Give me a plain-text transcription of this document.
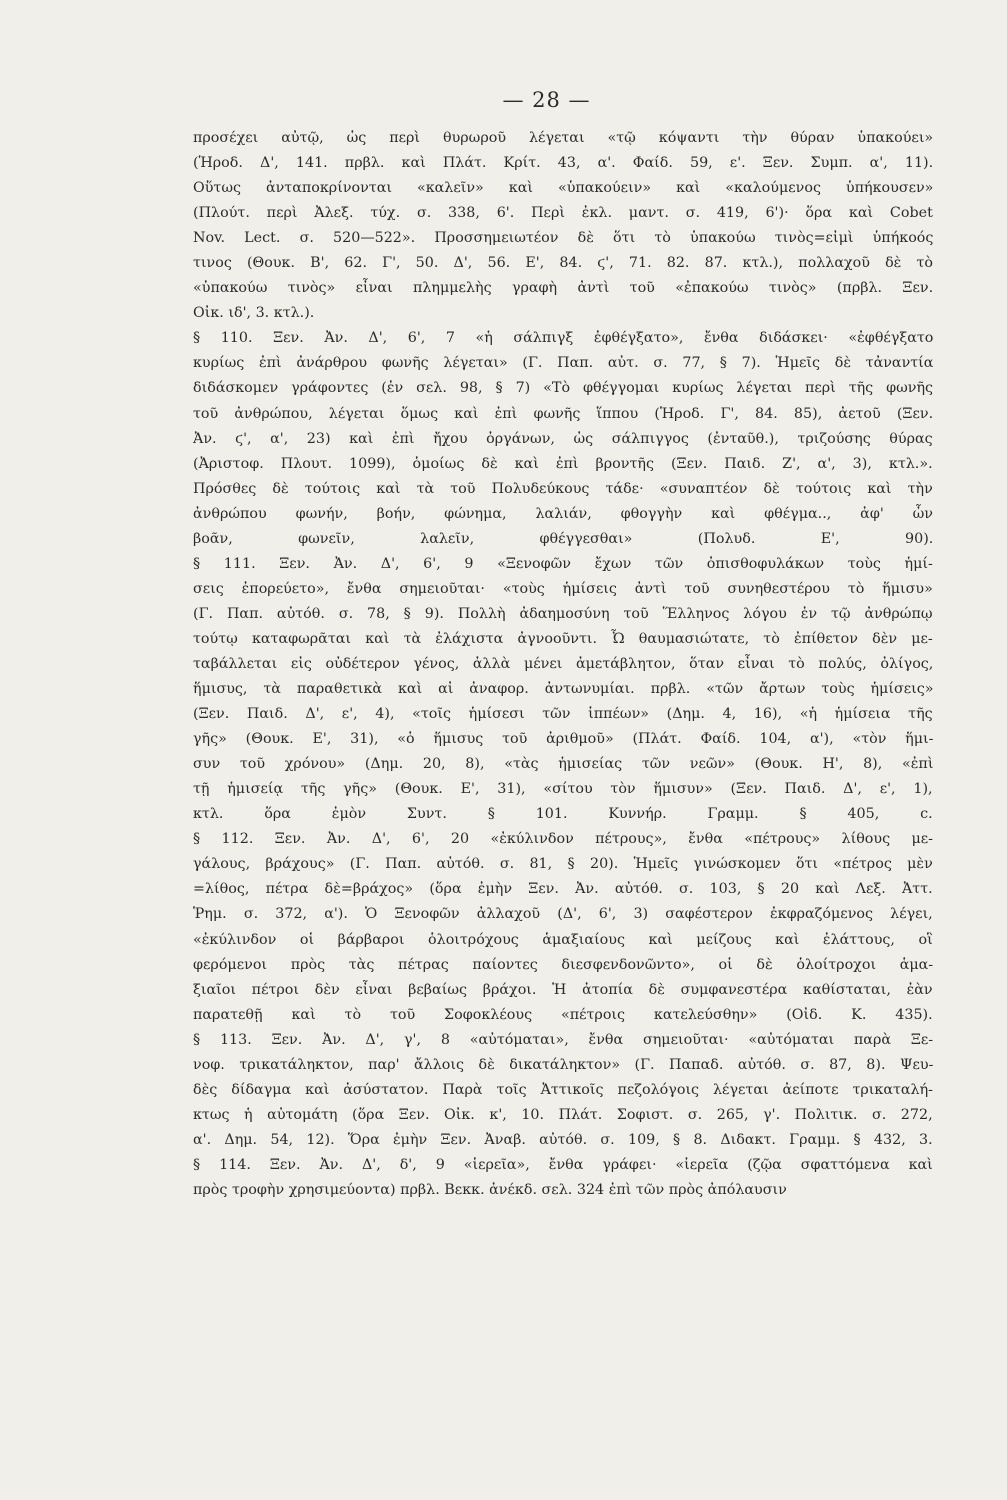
— 28 —
προσέχει αὐτῷ, ὡς περὶ θυρωροῦ λέγεται «τῷ κόψαντι τὴν θύραν ὑπακούει»
(Ἡροδ. Δ', 141. πρβλ. καὶ Πλάτ. Κρίτ. 43, α'. Φαίδ. 59, ε'. Ξεν. Συμπ. α', 11).
Οὕτως ἀνταποκρίνονται «καλεῖν» καὶ «ὑπακούειν» καὶ «καλούμενος ὑπήκουσεν»
(Πλούτ. περὶ Ἀλεξ. τύχ. σ. 338, 6'. Περὶ ἐκλ. μαντ. σ. 419, 6')· ὅρα καὶ Cobet
Nov. Lect. σ. 520—522». Προσσημειωτέον δὲ ὅτι τὸ ὑπακούω τινὸς=εἰμὶ ὑπήκοός
τινος (Θουκ. Β', 62. Γ', 50. Δ', 56. Ε', 84. ϛ', 71. 82. 87. κτλ.), πολλαχοῦ δὲ τὸ
«ὑπακούω τινὸς» εἶναι πλημμελὴς γραφὴ ἀντὶ τοῦ «ἐπακούω τινὸς» (πρβλ. Ξεν.
Οἰκ. ιδ', 3. κτλ.).
§ 110. Ξεν. Ἀν. Δ', 6', 7 «ἡ σάλπιγξ ἐφθέγξατο», ἔνθα διδάσκει· «ἐφθέγξατο
κυρίως ἐπὶ ἀνάρθρου φωνῆς λέγεται» (Γ. Παπ. αὐτ. σ. 77, § 7). Ἡμεῖς δὲ τἀναντία
διδάσκομεν γράφοντες (ἐν σελ. 98, § 7) «Τὸ φθέγγομαι κυρίως λέγεται περὶ τῆς φωνῆς
τοῦ ἀνθρώπου, λέγεται ὅμως καὶ ἐπὶ φωνῆς ἵππου (Ἡροδ. Γ', 84. 85), ἀετοῦ (Ξεν.
Ἀν. ϛ', α', 23) καὶ ἐπὶ ἤχου ὀργάνων, ὡς σάλπιγγος (ἐνταῦθ.), τριζούσης θύρας
(Ἀριστοφ. Πλουτ. 1099), ὁμοίως δὲ καὶ ἐπὶ βροντῆς (Ξεν. Παιδ. Ζ', α', 3), κτλ.».
Πρόσθες δὲ τούτοις καὶ τὰ τοῦ Πολυδεύκους τάδε· «συναπτέον δὲ τούτοις καὶ τὴν
ἀνθρώπου φωνήν, βοήν, φώνημα, λαλιάν, φθογγὴν καὶ φθέγμα.., ἀφ' ὧν
βοᾶν, φωνεῖν, λαλεῖν, φθέγγεσθαι» (Πολυδ. Ε', 90).
§ 111. Ξεν. Ἀν. Δ', 6', 9 «Ξενοφῶν ἔχων τῶν ὀπισθοφυλάκων τοὺς ἡμί-
σεις ἐπορεύετο», ἔνθα σημειοῦται· «τοὺς ἡμίσεις ἀντὶ τοῦ συνηθεστέρου τὸ ἥμισυ»
(Γ. Παπ. αὐτόθ. σ. 78, § 9). Πολλὴ ἀδαημοσύνη τοῦ Ἕλληνος λόγου ἐν τῷ ἀνθρώπῳ
τούτῳ καταφωρᾶται καὶ τὰ ἐλάχιστα ἀγνοοῦντι. Ὦ θαυμασιώτατε, τὸ ἐπίθετον δὲν με-
ταβάλλεται εἰς οὐδέτερον γένος, ἀλλὰ μένει ἀμετάβλητον, ὅταν εἶναι τὸ πολύς, ὀλίγος,
ἥμισυς, τὰ παραθετικὰ καὶ αἱ ἀναφορ. ἀντωνυμίαι. πρβλ. «τῶν ἄρτων τοὺς ἡμίσεις»
(Ξεν. Παιδ. Δ', ε', 4), «τοῖς ἡμίσεσι τῶν ἱππέων» (Δημ. 4, 16), «ἡ ἡμίσεια τῆς
γῆς» (Θουκ. Ε', 31), «ὁ ἥμισυς τοῦ ἀριθμοῦ» (Πλάτ. Φαίδ. 104, α'), «τὸν ἥμι-
συν τοῦ χρόνου» (Δημ. 20, 8), «τὰς ἡμισείας τῶν νεῶν» (Θουκ. Η', 8), «ἐπὶ
τῇ ἡμισείᾳ τῆς γῆς» (Θουκ. Ε', 31), «σίτου τὸν ἥμισυν» (Ξεν. Παιδ. Δ', ε', 1),
κτλ. ὅρα ἐμὸν Συντ. § 101. Κυννήρ. Γραμμ. § 405, c.
§ 112. Ξεν. Ἀν. Δ', 6', 20 «ἐκύλινδον πέτρους», ἔνθα «πέτρους» λίθους με-
γάλους, βράχους» (Γ. Παπ. αὐτόθ. σ. 81, § 20). Ἡμεῖς γινώσκομεν ὅτι «πέτρος μὲν
=λίθος, πέτρα δὲ=βράχος» (ὅρα ἐμὴν Ξεν. Ἀν. αὐτόθ. σ. 103, § 20 καὶ Λεξ. Ἀττ.
Ῥημ. σ. 372, α'). Ὁ Ξενοφῶν ἀλλαχοῦ (Δ', 6', 3) σαφέστερον ἐκφραζόμενος λέγει,
«ἐκύλινδον οἱ βάρβαροι ὁλοιτρόχους ἁμαξιαίους καὶ μείζους καὶ ἐλάττους, οἳ
φερόμενοι πρὸς τὰς πέτρας παίοντες διεσφενδονῶντο», οἱ δὲ ὁλοίτροχοι ἁμα-
ξιαῖοι πέτροι δὲν εἶναι βεβαίως βράχοι. Ἡ ἀτοπία δὲ συμφανεστέρα καθίσταται, ἐὰν
παρατεθῇ καὶ τὸ τοῦ Σοφοκλέους «πέτροις κατελεύσθην» (Οἰδ. Κ. 435).
§ 113. Ξεν. Ἀν. Δ', γ', 8 «αὐτόμαται», ἔνθα σημειοῦται· «αὐτόμαται παρὰ Ξε-
νοφ. τρικατάληκτον, παρ' ἄλλοις δὲ δικατάληκτον» (Γ. Παπαδ. αὐτόθ. σ. 87, 8). Ψευ-
δὲς δίδαγμα καὶ ἀσύστατον. Παρὰ τοῖς Ἀττικοῖς πεζολόγοις λέγεται ἀείποτε τρικαταλή-
κτως ἡ αὐτομάτη (ὅρα Ξεν. Οἰκ. κ', 10. Πλάτ. Σοφιστ. σ. 265, γ'. Πολιτικ. σ. 272,
α'. Δημ. 54, 12). Ὅρα ἐμὴν Ξεν. Ἀναβ. αὐτόθ. σ. 109, § 8. Διδακτ. Γραμμ. § 432, 3.
§ 114. Ξεν. Ἀν. Δ', δ', 9 «ἱερεῖα», ἔνθα γράφει· «ἱερεῖα (ζῷα σφαττόμενα καὶ
πρὸς τροφὴν χρησιμεύοντα) πρβλ. Βεκκ. ἀνέκδ. σελ. 324 ἐπὶ τῶν πρὸς ἀπόλαυσιν
